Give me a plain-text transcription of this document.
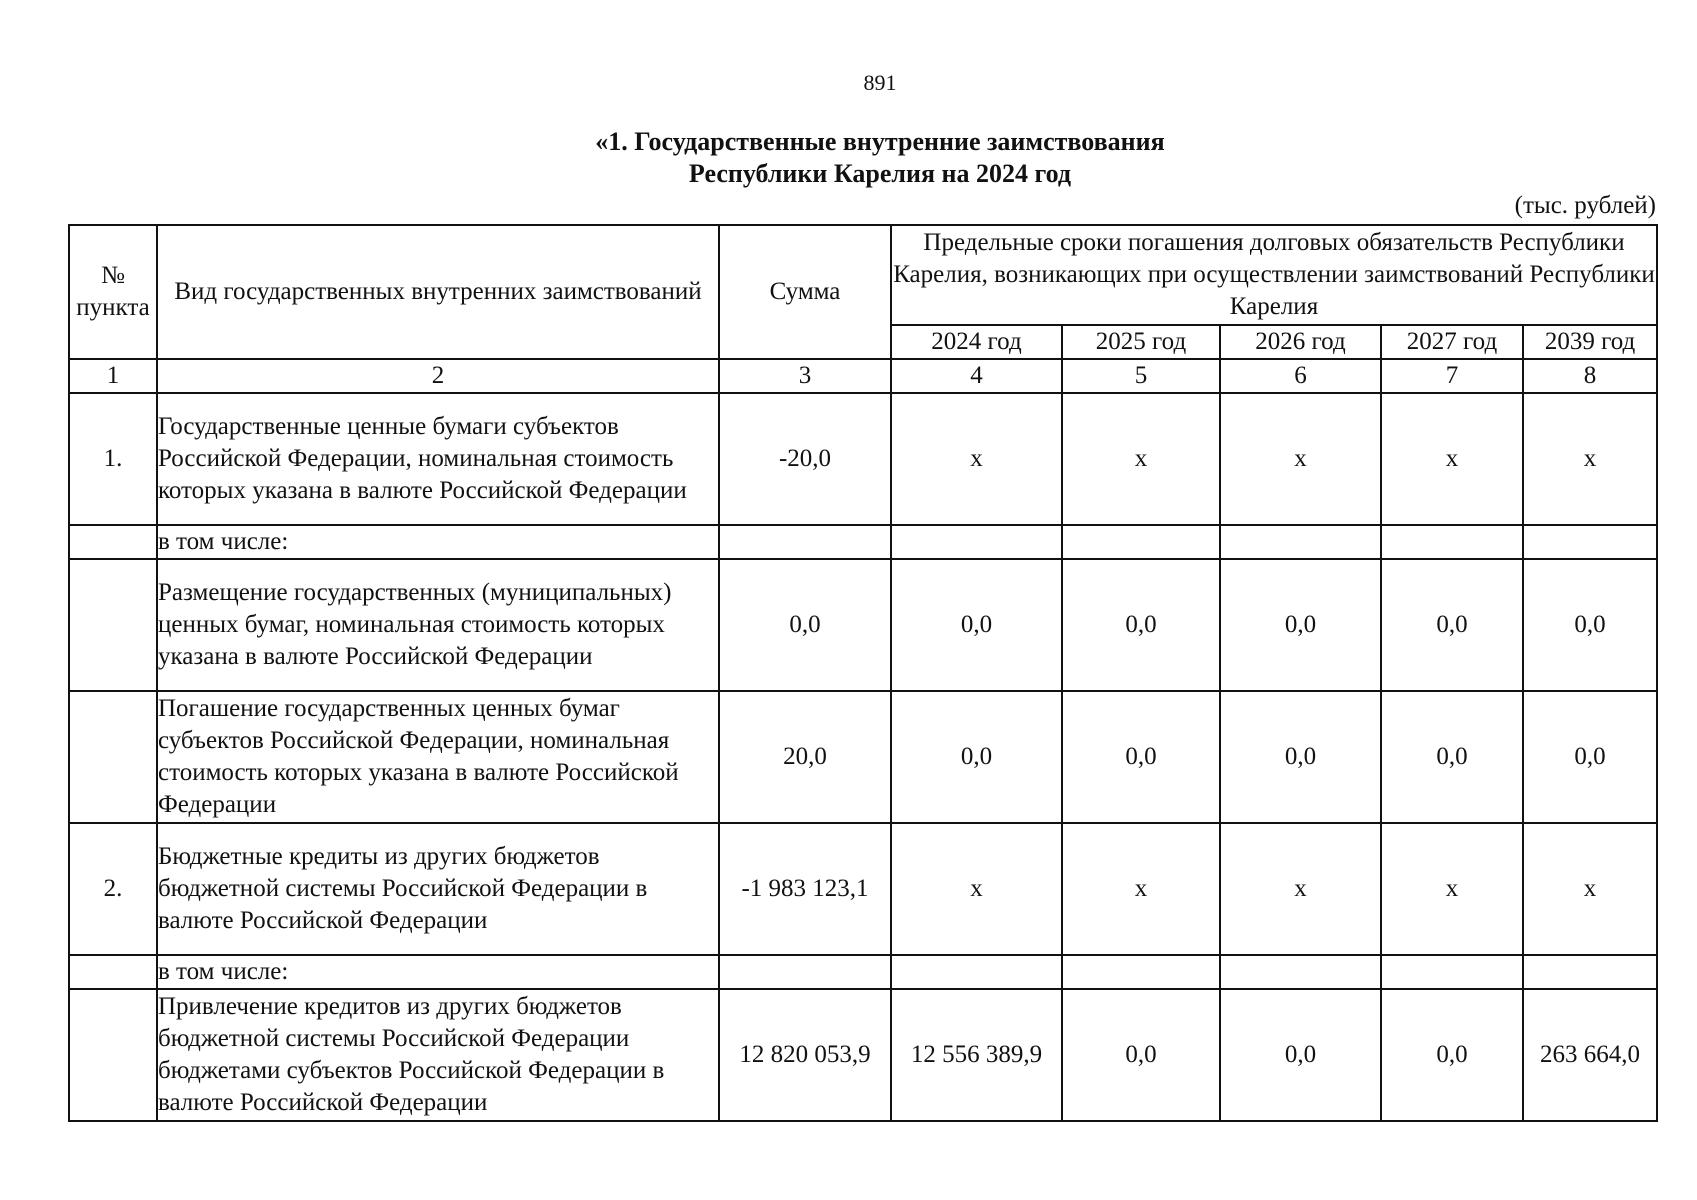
891
«1. Государственные внутренние заимствования
Республики Карелия на 2024 год
(тыс. рублей)
№ пункта	Вид государственных внутренних заимствований	Сумма	Предельные сроки погашения долговых обязательств Республики Карелия, возникающих при осуществлении заимствований Республики Карелия				
			2024 год	2025 год	2026 год	2027 год	2039 год
1	2	3	4	5	6	7	8
1.	Государственные ценные бумаги субъектов Российской Федерации, номинальная стоимость которых указана в валюте Российской Федерации	-20,0	х	х	х	х	х
	в том числе:						
	Размещение государственных (муниципальных) ценных бумаг, номинальная стоимость которых указана в валюте Российской Федерации	0,0	0,0	0,0	0,0	0,0	0,0
	Погашение государственных ценных бумаг субъектов Российской Федерации, номинальная стоимость которых указана в валюте Российской Федерации	20,0	0,0	0,0	0,0	0,0	0,0
2.	Бюджетные кредиты из других бюджетов бюджетной системы Российской Федерации в валюте Российской Федерации	-1 983 123,1	х	х	х	х	х
	в том числе:						
	Привлечение кредитов из других бюджетов бюджетной системы Российской Федерации бюджетами субъектов Российской Федерации в валюте Российской Федерации	12 820 053,9	12 556 389,9	0,0	0,0	0,0	263 664,0
